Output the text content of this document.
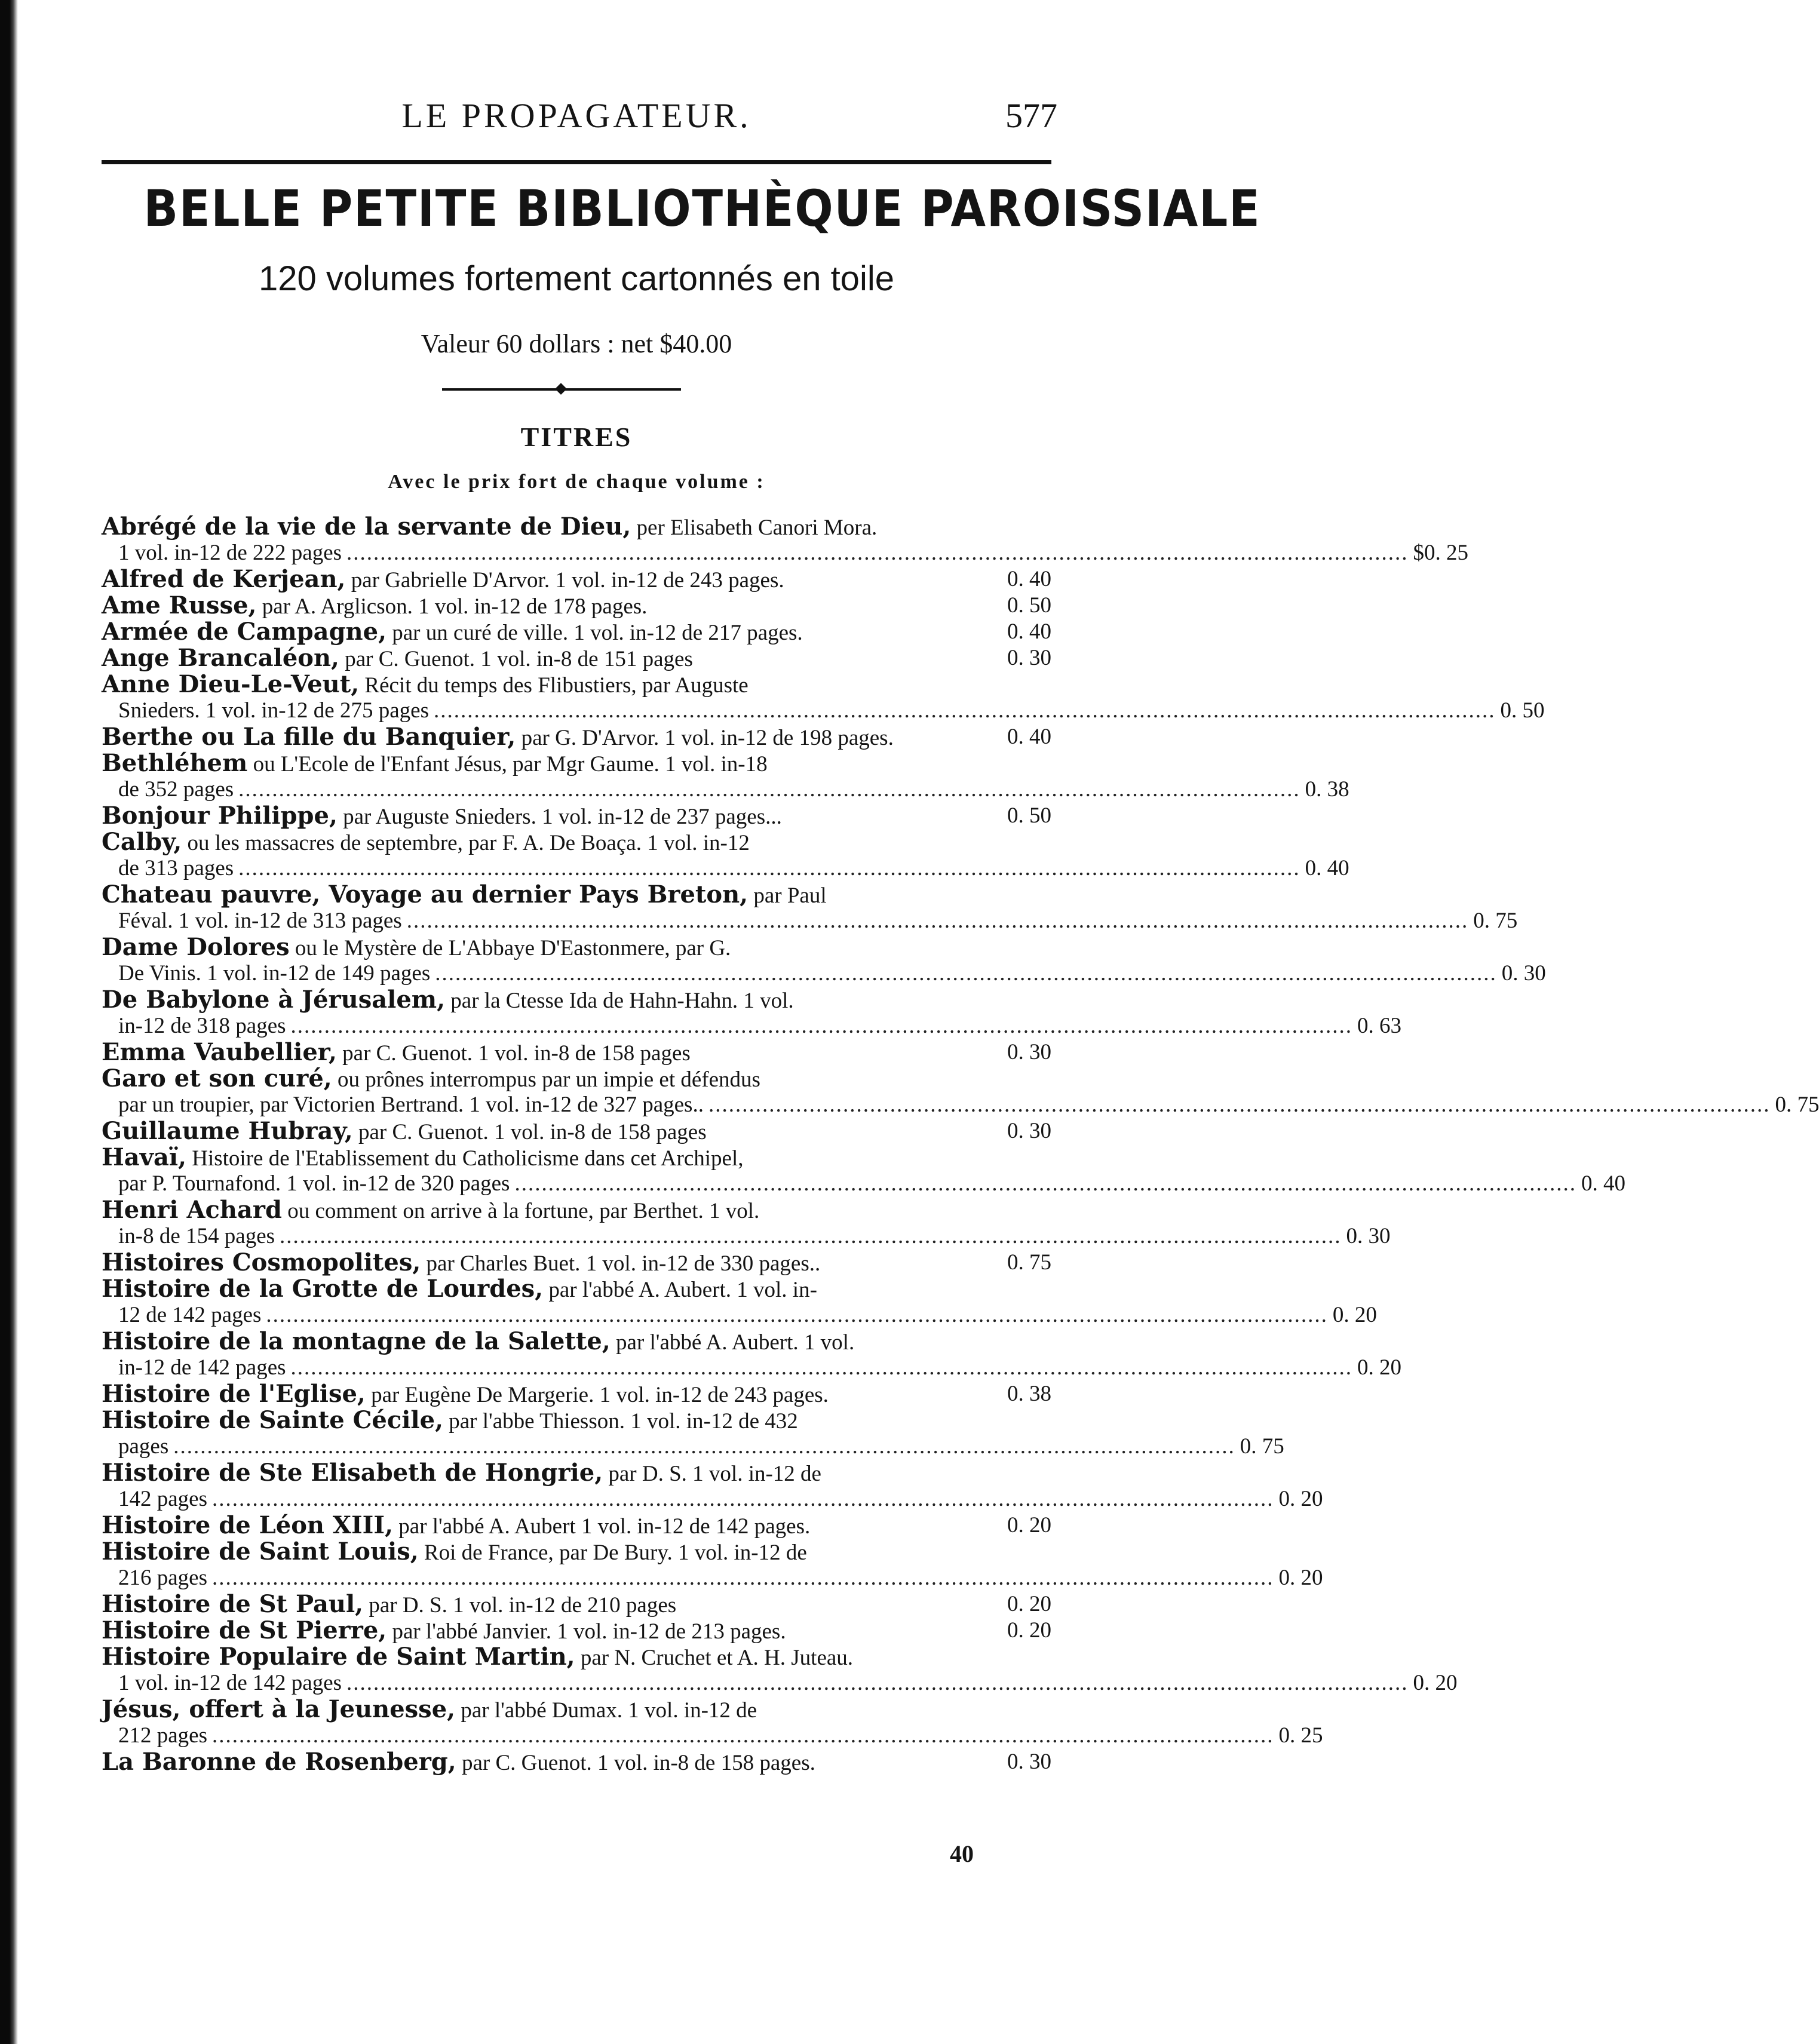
LE PROPAGATEUR.	577
BELLE PETITE BIBLIOTHÈQUE PAROISSIALE
120 volumes fortement cartonnés en toile
Valeur 60 dollars : net $40.00
TITRES
Avec le prix fort de chaque volume :
Abrégé de la vie de la servante de Dieu, per Elisabeth Canori Mora.
1 vol. in-12 de 222 pages .............................................................................................................................................................. $0. 25
Alfred de Kerjean, par Gabrielle D'Arvor. 1 vol. in-12 de 243 pages.	0. 40
Ame Russe, par A. Arglicson. 1 vol. in-12 de 178 pages.	0. 50
Armée de Campagne, par un curé de ville. 1 vol. in-12 de 217 pages.	0. 40
Ange Brancaléon, par C. Guenot. 1 vol. in-8 de 151 pages	0. 30
Anne Dieu-Le-Veut, Récit du temps des Flibustiers, par Auguste
Snieders. 1 vol. in-12 de 275 pages .............................................................................................................................................................. 0. 50
Berthe ou La fille du Banquier, par G. D'Arvor. 1 vol. in-12 de 198 pages.	0. 40
Bethléhem ou L'Ecole de l'Enfant Jésus, par Mgr Gaume. 1 vol. in-18
de 352 pages .............................................................................................................................................................. 0. 38
Bonjour Philippe, par Auguste Snieders. 1 vol. in-12 de 237 pages...	0. 50
Calby, ou les massacres de septembre, par F. A. De Boaça. 1 vol. in-12
de 313 pages .............................................................................................................................................................. 0. 40
Chateau pauvre, Voyage au dernier Pays Breton, par Paul
Féval. 1 vol. in-12 de 313 pages .............................................................................................................................................................. 0. 75
Dame Dolores ou le Mystère de L'Abbaye D'Eastonmere, par G.
De Vinis. 1 vol. in-12 de 149 pages .............................................................................................................................................................. 0. 30
De Babylone à Jérusalem, par la Ctesse Ida de Hahn-Hahn. 1 vol.
in-12 de 318 pages .............................................................................................................................................................. 0. 63
Emma Vaubellier, par C. Guenot. 1 vol. in-8 de 158 pages	0. 30
Garo et son curé, ou prônes interrompus par un impie et défendus
par un troupier, par Victorien Bertrand. 1 vol. in-12 de 327 pages.. .............................................................................................................................................................. 0. 75
Guillaume Hubray, par C. Guenot. 1 vol. in-8 de 158 pages	0. 30
Havaï, Histoire de l'Etablissement du Catholicisme dans cet Archipel,
par P. Tournafond. 1 vol. in-12 de 320 pages .............................................................................................................................................................. 0. 40
Henri Achard ou comment on arrive à la fortune, par Berthet. 1 vol.
in-8 de 154 pages .............................................................................................................................................................. 0. 30
Histoires Cosmopolites, par Charles Buet. 1 vol. in-12 de 330 pages..	0. 75
Histoire de la Grotte de Lourdes, par l'abbé A. Aubert. 1 vol. in-
12 de 142 pages .............................................................................................................................................................. 0. 20
Histoire de la montagne de la Salette, par l'abbé A. Aubert. 1 vol.
in-12 de 142 pages .............................................................................................................................................................. 0. 20
Histoire de l'Eglise, par Eugène De Margerie. 1 vol. in-12 de 243 pages.	0. 38
Histoire de Sainte Cécile, par l'abbe Thiesson. 1 vol. in-12 de 432
pages .............................................................................................................................................................. 0. 75
Histoire de Ste Elisabeth de Hongrie, par D. S. 1 vol. in-12 de
142 pages .............................................................................................................................................................. 0. 20
Histoire de Léon XIII, par l'abbé A. Aubert 1 vol. in-12 de 142 pages.	0. 20
Histoire de Saint Louis, Roi de France, par De Bury. 1 vol. in-12 de
216 pages .............................................................................................................................................................. 0. 20
Histoire de St Paul, par D. S. 1 vol. in-12 de 210 pages	0. 20
Histoire de St Pierre, par l'abbé Janvier. 1 vol. in-12 de 213 pages.	0. 20
Histoire Populaire de Saint Martin, par N. Cruchet et A. H. Juteau.
1 vol. in-12 de 142 pages .............................................................................................................................................................. 0. 20
Jésus, offert à la Jeunesse, par l'abbé Dumax. 1 vol. in-12 de
212 pages .............................................................................................................................................................. 0. 25
La Baronne de Rosenberg, par C. Guenot. 1 vol. in-8 de 158 pages.	0. 30
40
